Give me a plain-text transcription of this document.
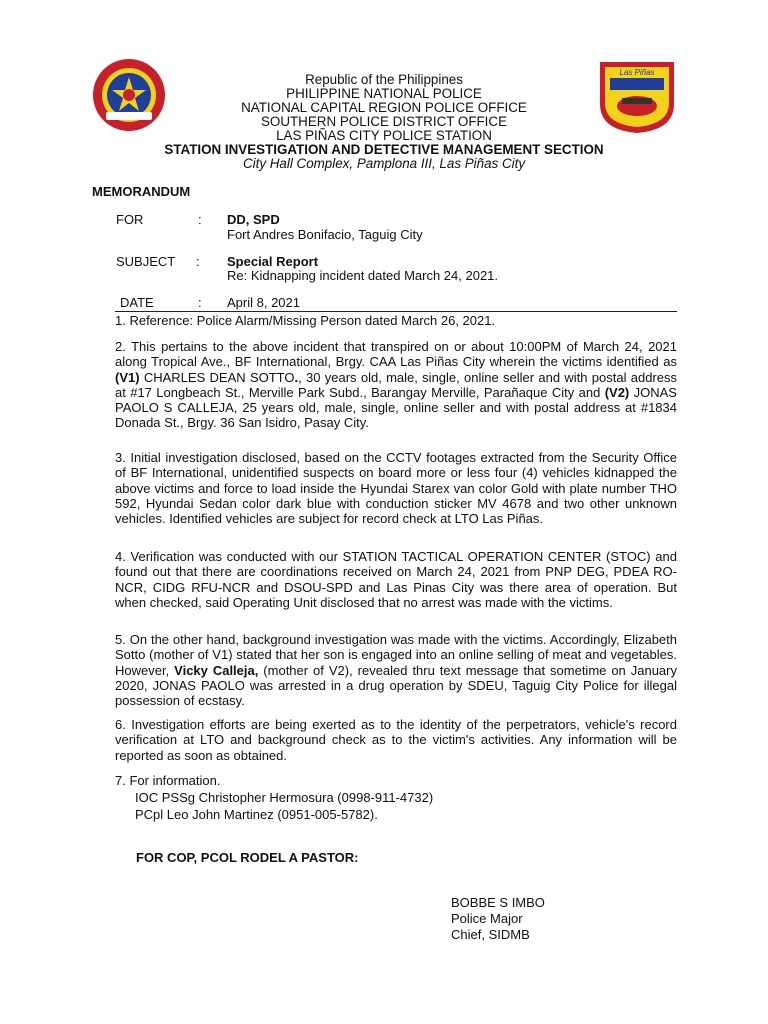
Las Piñas
Republic of the Philippines
PHILIPPINE NATIONAL POLICE
NATIONAL CAPITAL REGION POLICE OFFICE
SOUTHERN POLICE DISTRICT OFFICE
LAS PIÑAS CITY POLICE STATION
STATION INVESTIGATION AND DETECTIVE MANAGEMENT SECTION
City Hall Complex, Pamplona III, Las Piñas City
MEMORANDUM
FOR	: DD, SPD
Fort Andres Bonifacio, Taguig City
SUBJECT : Special Report
Re: Kidnapping incident dated March 24, 2021.
DATE	: April 8, 2021
1. Reference: Police Alarm/Missing Person dated March 26, 2021.
2. This pertains to the above incident that transpired on or about 10:00PM of March 24, 2021 along Tropical Ave., BF International, Brgy. CAA Las Piñas City wherein the victims identified as (V1) CHARLES DEAN SOTTO., 30 years old, male, single, online seller and with postal address at #17 Longbeach St., Merville Park Subd., Barangay Merville, Parañaque City and (V2) JONAS PAOLO S CALLEJA, 25 years old, male, single, online seller and with postal address at #1834 Donada St., Brgy. 36 San Isidro, Pasay City.
3. Initial investigation disclosed, based on the CCTV footages extracted from the Security Office of BF International, unidentified suspects on board more or less four (4) vehicles kidnapped the above victims and force to load inside the Hyundai Starex van color Gold with plate number THO 592, Hyundai Sedan color dark blue with conduction sticker MV 4678 and two other unknown vehicles. Identified vehicles are subject for record check at LTO Las Piñas.
4. Verification was conducted with our STATION TACTICAL OPERATION CENTER (STOC) and found out that there are coordinations received on March 24, 2021 from PNP DEG, PDEA RO-NCR, CIDG RFU-NCR and DSOU-SPD and Las Pinas City was there area of operation. But when checked, said Operating Unit disclosed that no arrest was made with the victims.
5. On the other hand, background investigation was made with the victims. Accordingly, Elizabeth Sotto (mother of V1) stated that her son is engaged into an online selling of meat and vegetables. However, Vicky Calleja, (mother of V2), revealed thru text message that sometime on January 2020, JONAS PAOLO was arrested in a drug operation by SDEU, Taguig City Police for illegal possession of ecstasy.
6. Investigation efforts are being exerted as to the identity of the perpetrators, vehicle's record verification at LTO and background check as to the victim's activities. Any information will be reported as soon as obtained.
7. For information.
IOC PSSg Christopher Hermosura (0998-911-4732)
PCpl Leo John Martinez (0951-005-5782).
FOR COP, PCOL RODEL A PASTOR:
BOBBE S IMBO
Police Major
Chief, SIDMB
